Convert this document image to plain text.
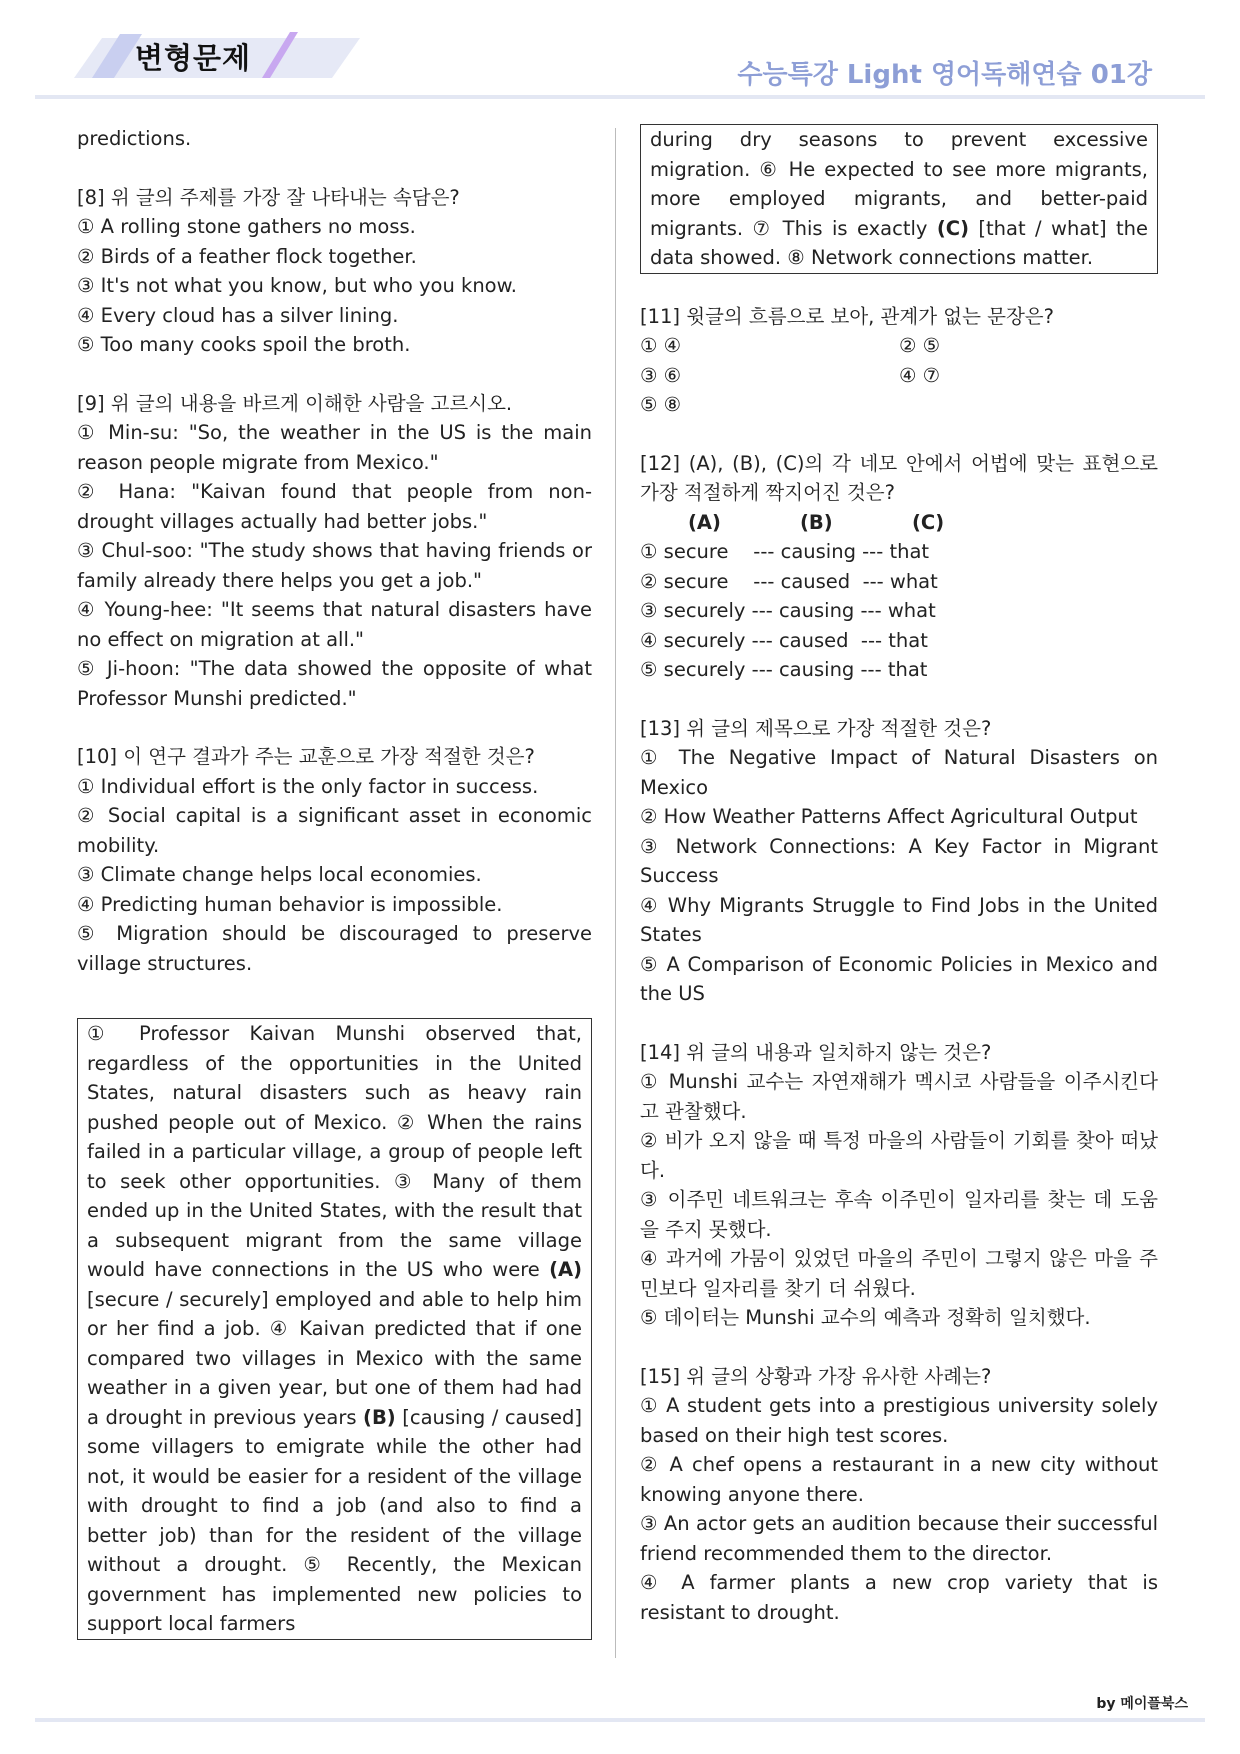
변형문제	수능특강 Light 영어독해연습 01강

predictions.

[8] 위 글의 주제를 가장 잘 나타내는 속담은?

① A rolling stone gathers no moss.

② Birds of a feather flock together.

③ It's not what you know, but who you know.

④ Every cloud has a silver lining.

⑤ Too many cooks spoil the broth.

[9] 위 글의 내용을 바르게 이해한 사람을 고르시오.

① Min-su: "So, the weather in the US is the main reason people migrate from Mexico."

② Hana: "Kaivan found that people from non-drought villages actually had better jobs."

③ Chul-soo: "The study shows that having friends or family already there helps you get a job."

④ Young-hee: "It seems that natural disasters have no effect on migration at all."

⑤ Ji-hoon: "The data showed the opposite of what Professor Munshi predicted."

[10] 이 연구 결과가 주는 교훈으로 가장 적절한 것은?

① Individual effort is the only factor in success.

② Social capital is a significant asset in economic mobility.

③ Climate change helps local economies.

④ Predicting human behavior is impossible.

⑤ Migration should be discouraged to preserve village structures.

① Professor Kaivan Munshi observed that, regardless of the opportunities in the United States, natural disasters such as heavy rain pushed people out of Mexico. ② When the rains failed in a particular village, a group of people left to seek other opportunities. ③ Many of them ended up in the United States, with the result that a subsequent migrant from the same village would have connections in the US who were (A) [secure / securely] employed and able to help him or her find a job. ④ Kaivan predicted that if one compared two villages in Mexico with the same weather in a given year, but one of them had had a drought in previous years (B) [causing / caused] some villagers to emigrate while the other had not, it would be easier for a resident of the village with drought to find a job (and also to find a better job) than for the resident of the village without a drought. ⑤ Recently, the Mexican government has implemented new policies to support local farmers

during dry seasons to prevent excessive migration. ⑥ He expected to see more migrants, more employed migrants, and better-paid migrants. ⑦ This is exactly (C) [that / what] the data showed. ⑧ Network connections matter.

[11] 윗글의 흐름으로 보아, 관계가 없는 문장은?

① ④	② ⑤
③ ⑥	④ ⑦
⑤ ⑧

[12] (A), (B), (C)의 각 네모 안에서 어법에 맞는 표현으로 가장 적절하게 짝지어진 것은?

(A)	(B)	(C)
① secure    --- causing --- that
② secure    --- caused  --- what
③ securely --- causing --- what
④ securely --- caused  --- that
⑤ securely --- causing --- that

[13] 위 글의 제목으로 가장 적절한 것은?

① The Negative Impact of Natural Disasters on Mexico

② How Weather Patterns Affect Agricultural Output

③ Network Connections: A Key Factor in Migrant Success

④ Why Migrants Struggle to Find Jobs in the United States

⑤ A Comparison of Economic Policies in Mexico and the US

[14] 위 글의 내용과 일치하지 않는 것은?

① Munshi 교수는 자연재해가 멕시코 사람들을 이주시킨다고 관찰했다.

② 비가 오지 않을 때 특정 마을의 사람들이 기회를 찾아 떠났다.

③ 이주민 네트워크는 후속 이주민이 일자리를 찾는 데 도움을 주지 못했다.

④ 과거에 가뭄이 있었던 마을의 주민이 그렇지 않은 마을 주민보다 일자리를 찾기 더 쉬웠다.

⑤ 데이터는 Munshi 교수의 예측과 정확히 일치했다.

[15] 위 글의 상황과 가장 유사한 사례는?

① A student gets into a prestigious university solely based on their high test scores.

② A chef opens a restaurant in a new city without knowing anyone there.

③ An actor gets an audition because their successful friend recommended them to the director.

④ A farmer plants a new crop variety that is resistant to drought.

by 메이플북스
